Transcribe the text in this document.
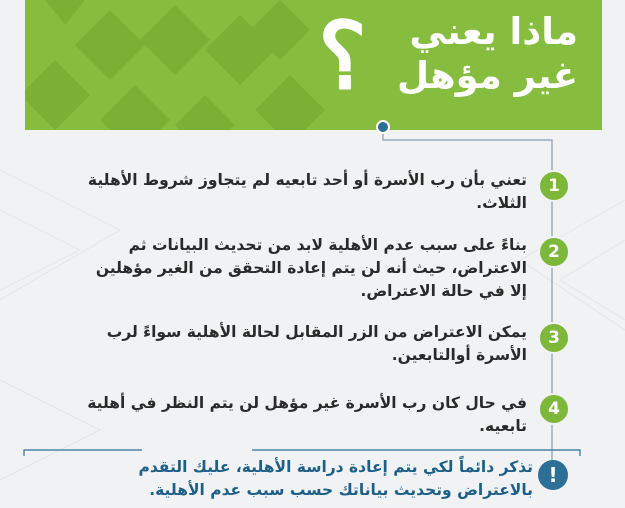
ماذا يعني
غير مؤهل
؟
1
تعني بأن رب الأسرة أو أحد تابعيه لم يتجاوز شروط الأهلية الثلاث.
2
بناءً على سبب عدم الأهلية لابد من تحديث البيانات ثم الاعتراض، حيث أنه لن يتم إعادة التحقق من الغير مؤهلين إلا في حالة الاعتراض.
3
يمكن الاعتراض من الزر المقابل لحالة الأهلية سواءً لرب الأسرة أوالتابعين.
4
في حال كان رب الأسرة غير مؤهل لن يتم النظر في أهلية تابعيه.
تذكر دائماً لكي يتم إعادة دراسة الأهلية، عليك التقدم بالاعتراض وتحديث بياناتك حسب سبب عدم الأهلية.
!
